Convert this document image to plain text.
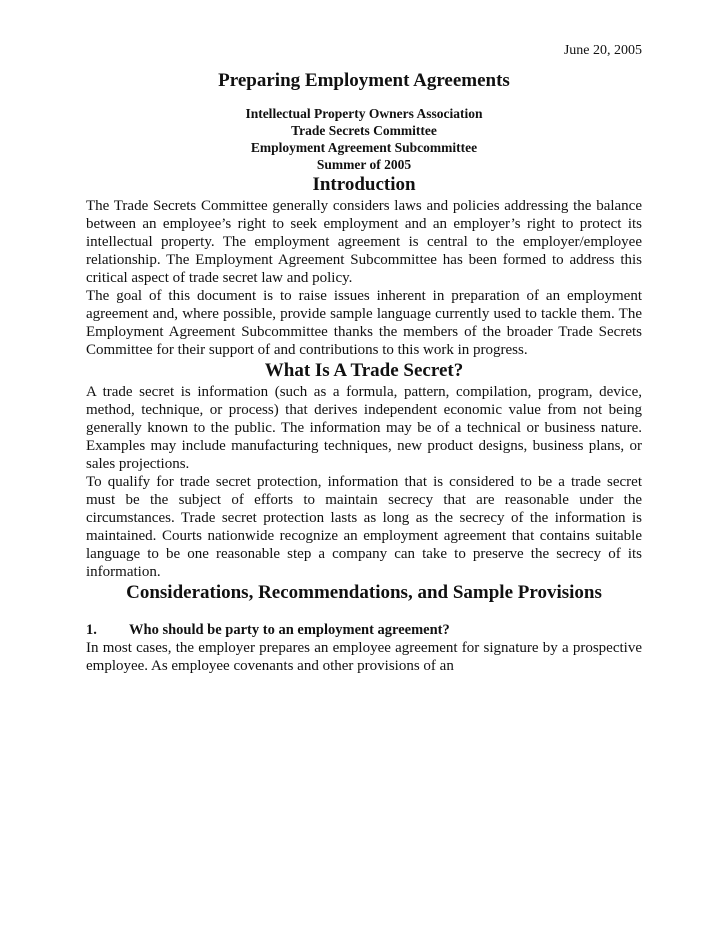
June 20, 2005
Preparing Employment Agreements
Intellectual Property Owners Association
Trade Secrets Committee
Employment Agreement Subcommittee
Summer of 2005
Introduction

The Trade Secrets Committee generally considers laws and policies addressing the balance between an employee’s right to seek employment and an employer’s right to protect its intellectual property. The employment agreement is central to the employer/employee relationship. The Employment Agreement Subcommittee has been formed to address this critical aspect of trade secret law and policy.

The goal of this document is to raise issues inherent in preparation of an employment agreement and, where possible, provide sample language currently used to tackle them. The Employment Agreement Subcommittee thanks the members of the broader Trade Secrets Committee for their support of and contributions to this work in progress.

What Is A Trade Secret?

A trade secret is information (such as a formula, pattern, compilation, program, device, method, technique, or process) that derives independent economic value from not being generally known to the public. The information may be of a technical or business nature. Examples may include manufacturing techniques, new product designs, business plans, or sales projections.

To qualify for trade secret protection, information that is considered to be a trade secret must be the subject of efforts to maintain secrecy that are reasonable under the circumstances. Trade secret protection lasts as long as the secrecy of the information is maintained. Courts nationwide recognize an employment agreement that contains suitable language to be one reasonable step a company can take to preserve the secrecy of its information.

Considerations, Recommendations, and Sample Provisions
1.	Who should be party to an employment agreement?

In most cases, the employer prepares an employee agreement for signature by a prospective employee. As employee covenants and other provisions of an
